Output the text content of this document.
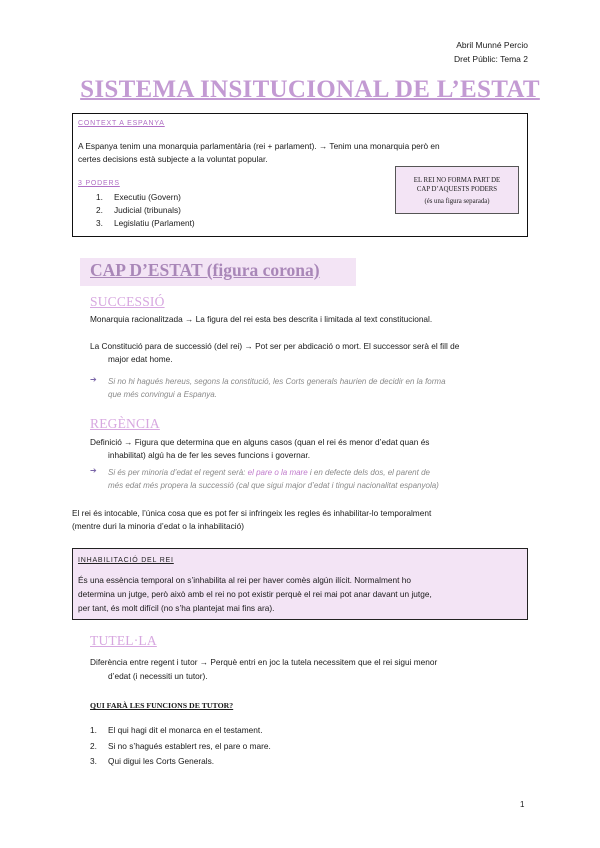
Abril Munné Percio
Dret Públic: Tema 2
SISTEMA INSITUCIONAL DE L’ESTAT
CONTEXT A ESPANYA
A Espanya tenim una monarquia parlamentària (rei + parlament). → Tenim una monarquia però en
certes decisions està subjecte a la voluntat popular.
3 PODERS
1. Executiu (Govern)
2. Judicial (tribunals)
3. Legislatiu (Parlament)
EL REI NO FORMA PART DE
CAP D’AQUESTS PODERS
(és una figura separada)
CAP D’ESTAT (figura corona)
SUCCESSIÓ
Monarquia racionalitzada → La figura del rei esta bes descrita i limitada al text constitucional.
La Constitució para de successió (del rei) → Pot ser per abdicació o mort. El successor serà el fill de
major edat home.
➔ Si no hi hagués hereus, segons la constitució, les Corts generals haurien de decidir en la forma
que més convingui a Espanya.
REGÈNCIA
Definició → Figura que determina que en alguns casos (quan el rei és menor d’edat quan és
inhabilitat) algú ha de fer les seves funcions i governar.
➔ Si és per minoria d’edat el regent serà: el pare o la mare i en defecte dels dos, el parent de
més edat més propera la successió (cal que sigui major d’edat i tingui nacionalitat espanyola)
El rei és intocable, l’única cosa que es pot fer si infringeix les regles és inhabilitar-lo temporalment
(mentre duri la minoria d’edat o la inhabilitació)
INHABILITACIÓ DEL REI
És una essència temporal on s’inhabilita al rei per haver comès algún ilícit. Normalment ho
determina un jutge, però això amb el rei no pot existir perquè el rei mai pot anar davant un jutge,
per tant, és molt difícil (no s’ha plantejat mai fins ara).
TUTEL·LA
Diferència entre regent i tutor → Perquè entri en joc la tutela necessitem que el rei sigui menor
d’edat (i necessiti un tutor).
QUI FARÀ LES FUNCIONS DE TUTOR?
1. El qui hagi dit el monarca en el testament.
2. Si no s’hagués establert res, el pare o mare.
3. Qui digui les Corts Generals.
1
